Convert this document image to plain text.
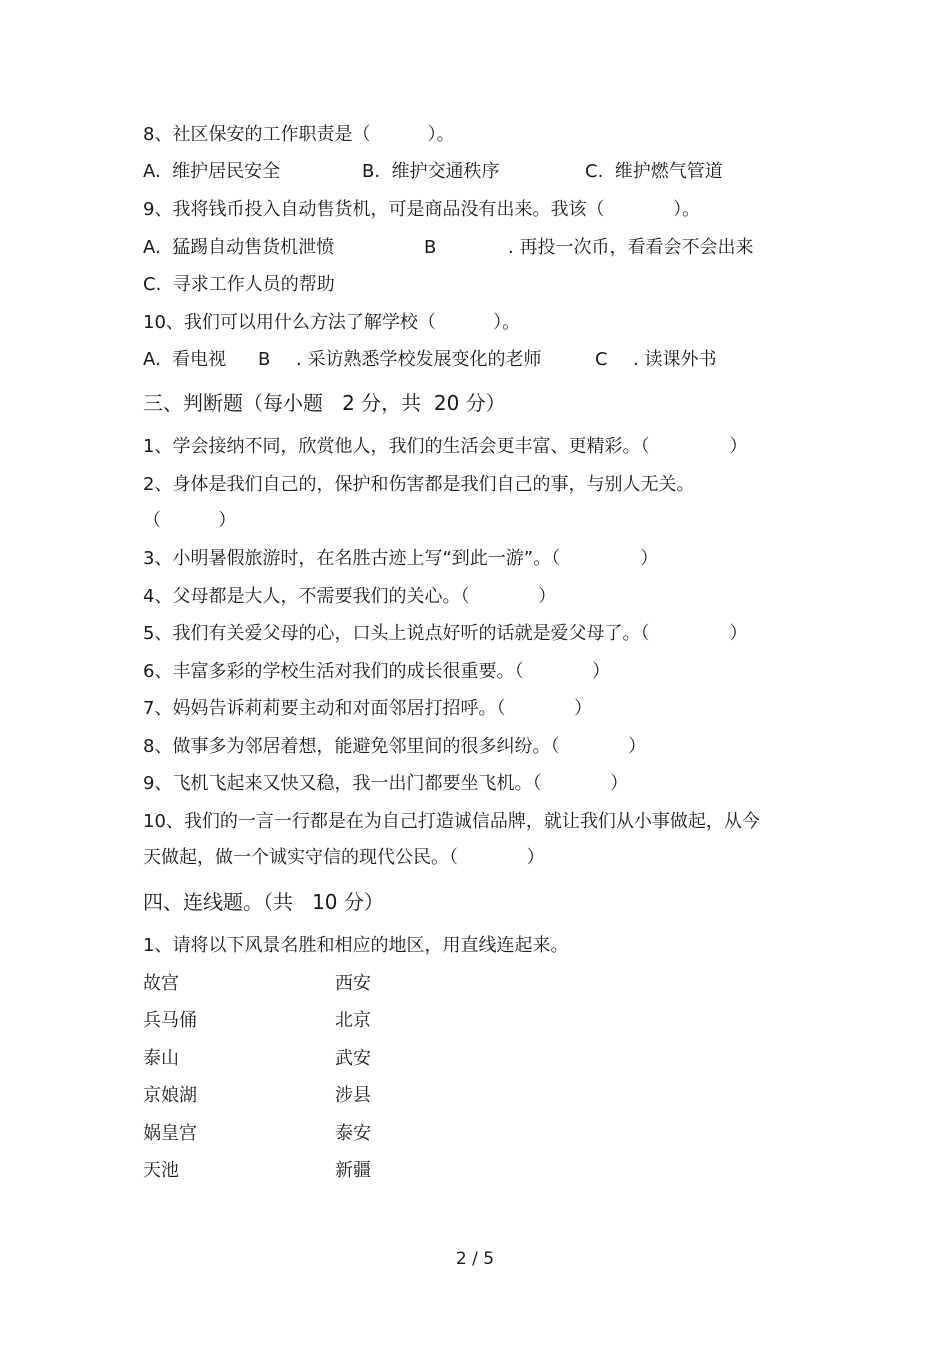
8、社区保安的工作职责是（          ）。
A.  维护居民安全	B.  维护交通秩序	C.  维护燃气管道
9、我将钱币投入自动售货机，可是商品没有出来。我该（            ）。
A.  猛踢自动售货机泄愤	B	. 再投一次币，看看会不会出来
C.  寻求工作人员的帮助
10、我们可以用什么方法了解学校（          ）。
A.  看电视 B . 采访熟悉学校发展变化的老师	C . 读课外书
三、判断题（每小题   2 分，共  20 分）
1、学会接纳不同，欣赏他人，我们的生活会更丰富、更精彩。（              ）
2、身体是我们自己的，保护和伤害都是我们自己的事，与别人无关。
（          ）
3、小明暑假旅游时，在名胜古迹上写“到此一游”。（              ）
4、父母都是大人，不需要我们的关心。（            ）
5、我们有关爱父母的心，口头上说点好听的话就是爱父母了。（              ）
6、丰富多彩的学校生活对我们的成长很重要。（            ）
7、妈妈告诉莉莉要主动和对面邻居打招呼。（            ）
8、做事多为邻居着想，能避免邻里间的很多纠纷。（            ）
9、飞机飞起来又快又稳，我一出门都要坐飞机。（            ）
10、我们的一言一行都是在为自己打造诚信品牌，就让我们从小事做起，从今
天做起，做一个诚实守信的现代公民。（            ）
四、连线题。（共   10 分）
1、请将以下风景名胜和相应的地区，用直线连起来。
故宫	西安
兵马俑	北京
泰山	武安
京娘湖	涉县
娲皇宫	泰安
天池	新疆
2 / 5
